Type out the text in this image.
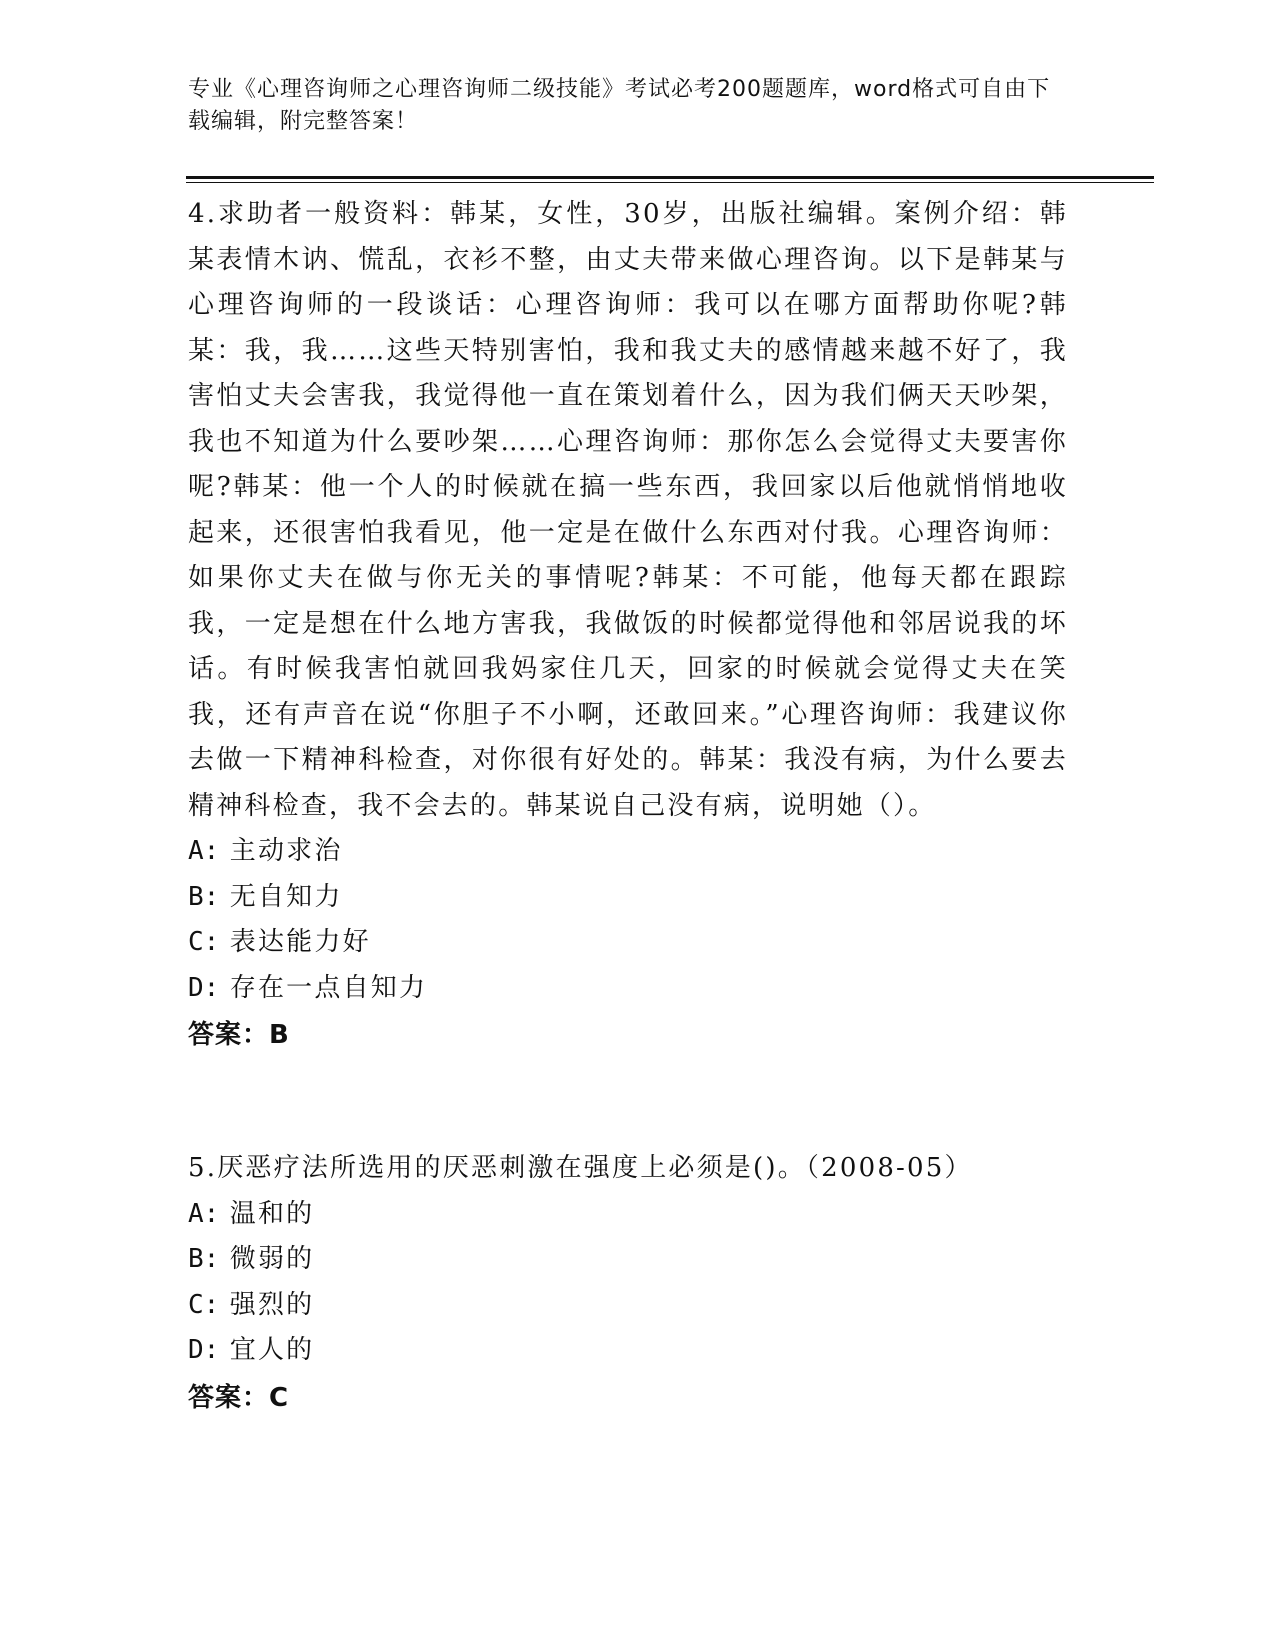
专业《心理咨询师之心理咨询师二级技能》考试必考200题题库，word格式可自由下载编辑，附完整答案！

4.求助者一般资料：韩某，女性，30岁，出版社编辑。案例介绍：韩某表情木讷、慌乱，衣衫不整，由丈夫带来做心理咨询。以下是韩某与心理咨询师的一段谈话：心理咨询师：我可以在哪方面帮助你呢?韩某：我，我……这些天特别害怕，我和我丈夫的感情越来越不好了，我害怕丈夫会害我，我觉得他一直在策划着什么，因为我们俩天天吵架，我也不知道为什么要吵架……心理咨询师：那你怎么会觉得丈夫要害你呢?韩某：他一个人的时候就在搞一些东西，我回家以后他就悄悄地收起来，还很害怕我看见，他一定是在做什么东西对付我。心理咨询师：如果你丈夫在做与你无关的事情呢?韩某：不可能，他每天都在跟踪我，一定是想在什么地方害我，我做饭的时候都觉得他和邻居说我的坏话。有时候我害怕就回我妈家住几天，回家的时候就会觉得丈夫在笑我，还有声音在说“你胆子不小啊，还敢回来。”心理咨询师：我建议你去做一下精神科检查，对你很有好处的。韩某：我没有病，为什么要去精神科检查，我不会去的。韩某说自己没有病，说明她（）。

A: 主动求治

B: 无自知力

C: 表达能力好

D: 存在一点自知力

答案：B

5.厌恶疗法所选用的厌恶刺激在强度上必须是()。（2008-05）

A: 温和的

B: 微弱的

C: 强烈的

D: 宜人的

答案：C
